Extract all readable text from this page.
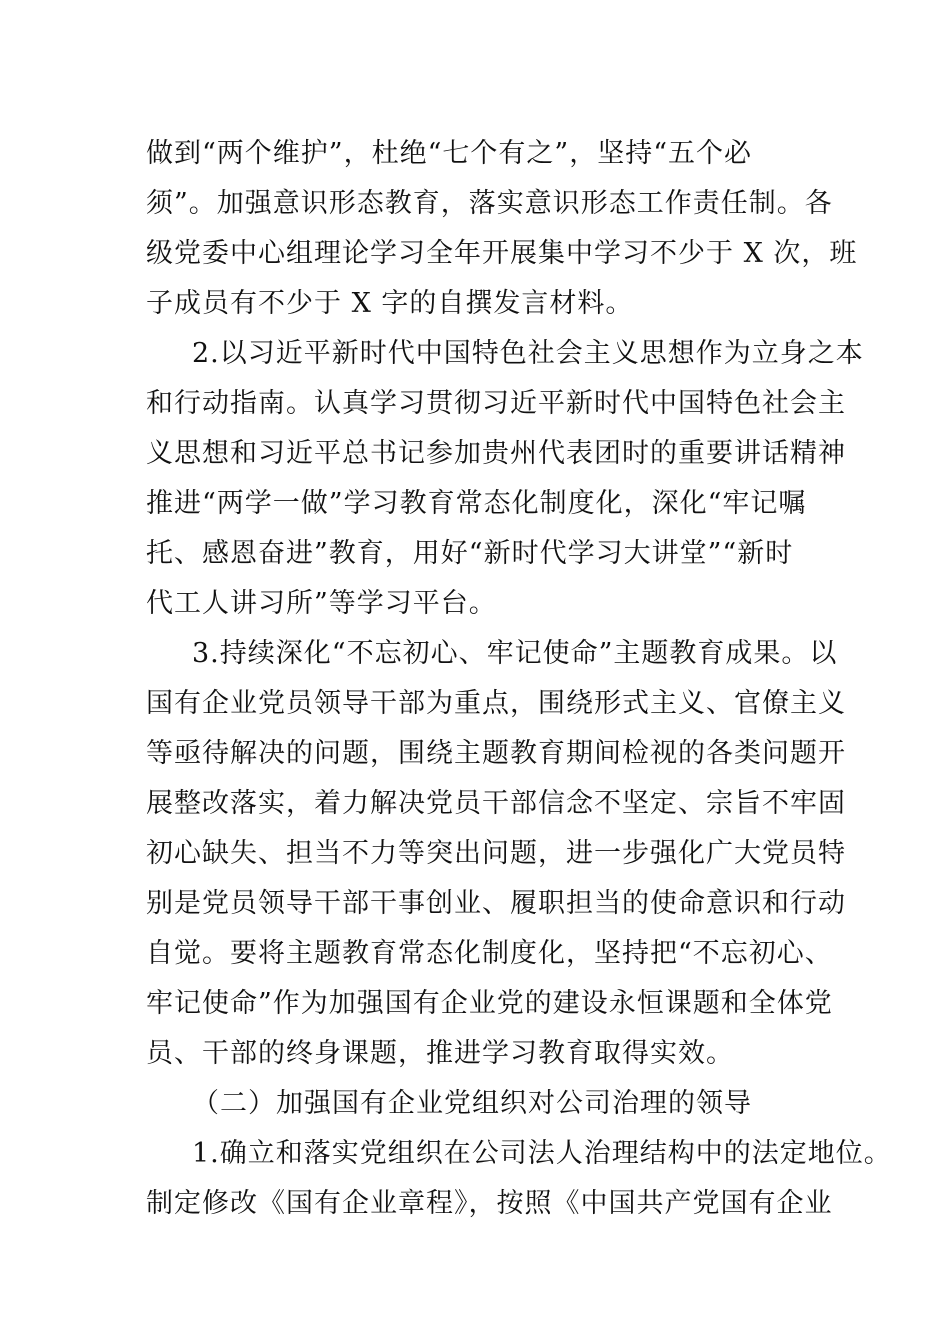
做到“两个维护”，杜绝“七个有之”，坚持“五个必
须”。加强意识形态教育，落实意识形态工作责任制。各
级党委中心组理论学习全年开展集中学习不少于 X 次，班
子成员有不少于 X 字的自撰发言材料。
2.以习近平新时代中国特色社会主义思想作为立身之本
和行动指南。认真学习贯彻习近平新时代中国特色社会主
义思想和习近平总书记参加贵州代表团时的重要讲话精神
推进“两学一做”学习教育常态化制度化，深化“牢记嘱
托、感恩奋进”教育，用好“新时代学习大讲堂”“新时
代工人讲习所”等学习平台。
3.持续深化“不忘初心、牢记使命”主题教育成果。以
国有企业党员领导干部为重点，围绕形式主义、官僚主义
等亟待解决的问题，围绕主题教育期间检视的各类问题开
展整改落实，着力解决党员干部信念不坚定、宗旨不牢固
初心缺失、担当不力等突出问题，进一步强化广大党员特
别是党员领导干部干事创业、履职担当的使命意识和行动
自觉。要将主题教育常态化制度化，坚持把“不忘初心、
牢记使命”作为加强国有企业党的建设永恒课题和全体党
员、干部的终身课题，推进学习教育取得实效。
（二）加强国有企业党组织对公司治理的领导
1.确立和落实党组织在公司法人治理结构中的法定地位。
制定修改《国有企业章程》，按照《中国共产党国有企业
